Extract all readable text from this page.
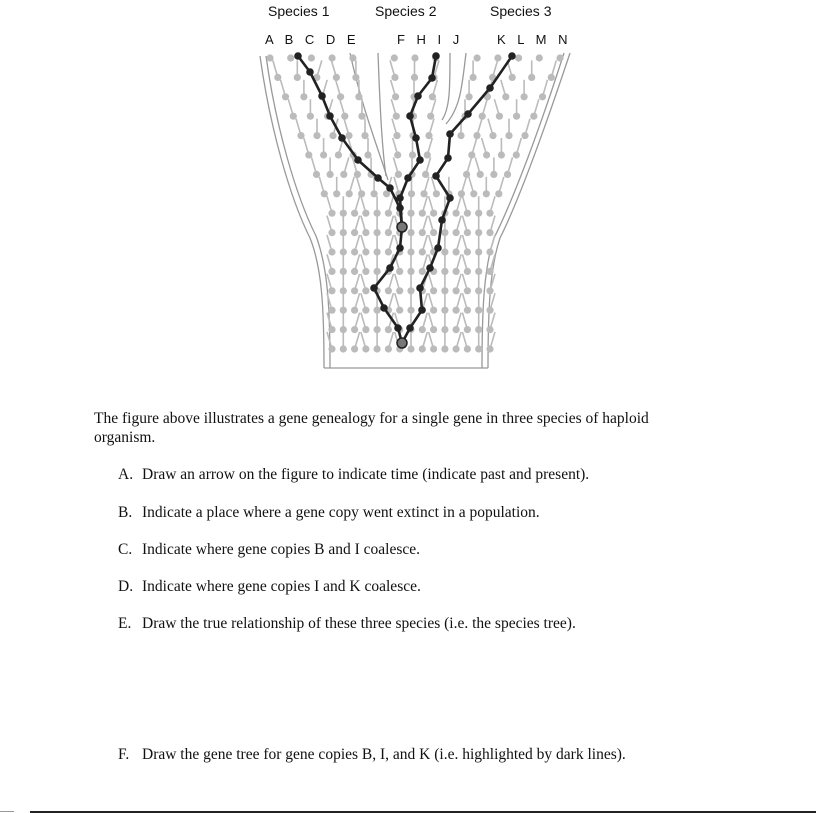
Species 1	Species 2	Species 3
A B C D E	F H I J	K L M N
The figure above illustrates a gene genealogy for a single gene in three species of haploid organism.
A. Draw an arrow on the figure to indicate time (indicate past and present).
B. Indicate a place where a gene copy went extinct in a population.
C. Indicate where gene copies B and I coalesce.
D. Indicate where gene copies I and K coalesce.
E. Draw the true relationship of these three species (i.e. the species tree).
F. Draw the gene tree for gene copies B, I, and K (i.e. highlighted by dark lines).
